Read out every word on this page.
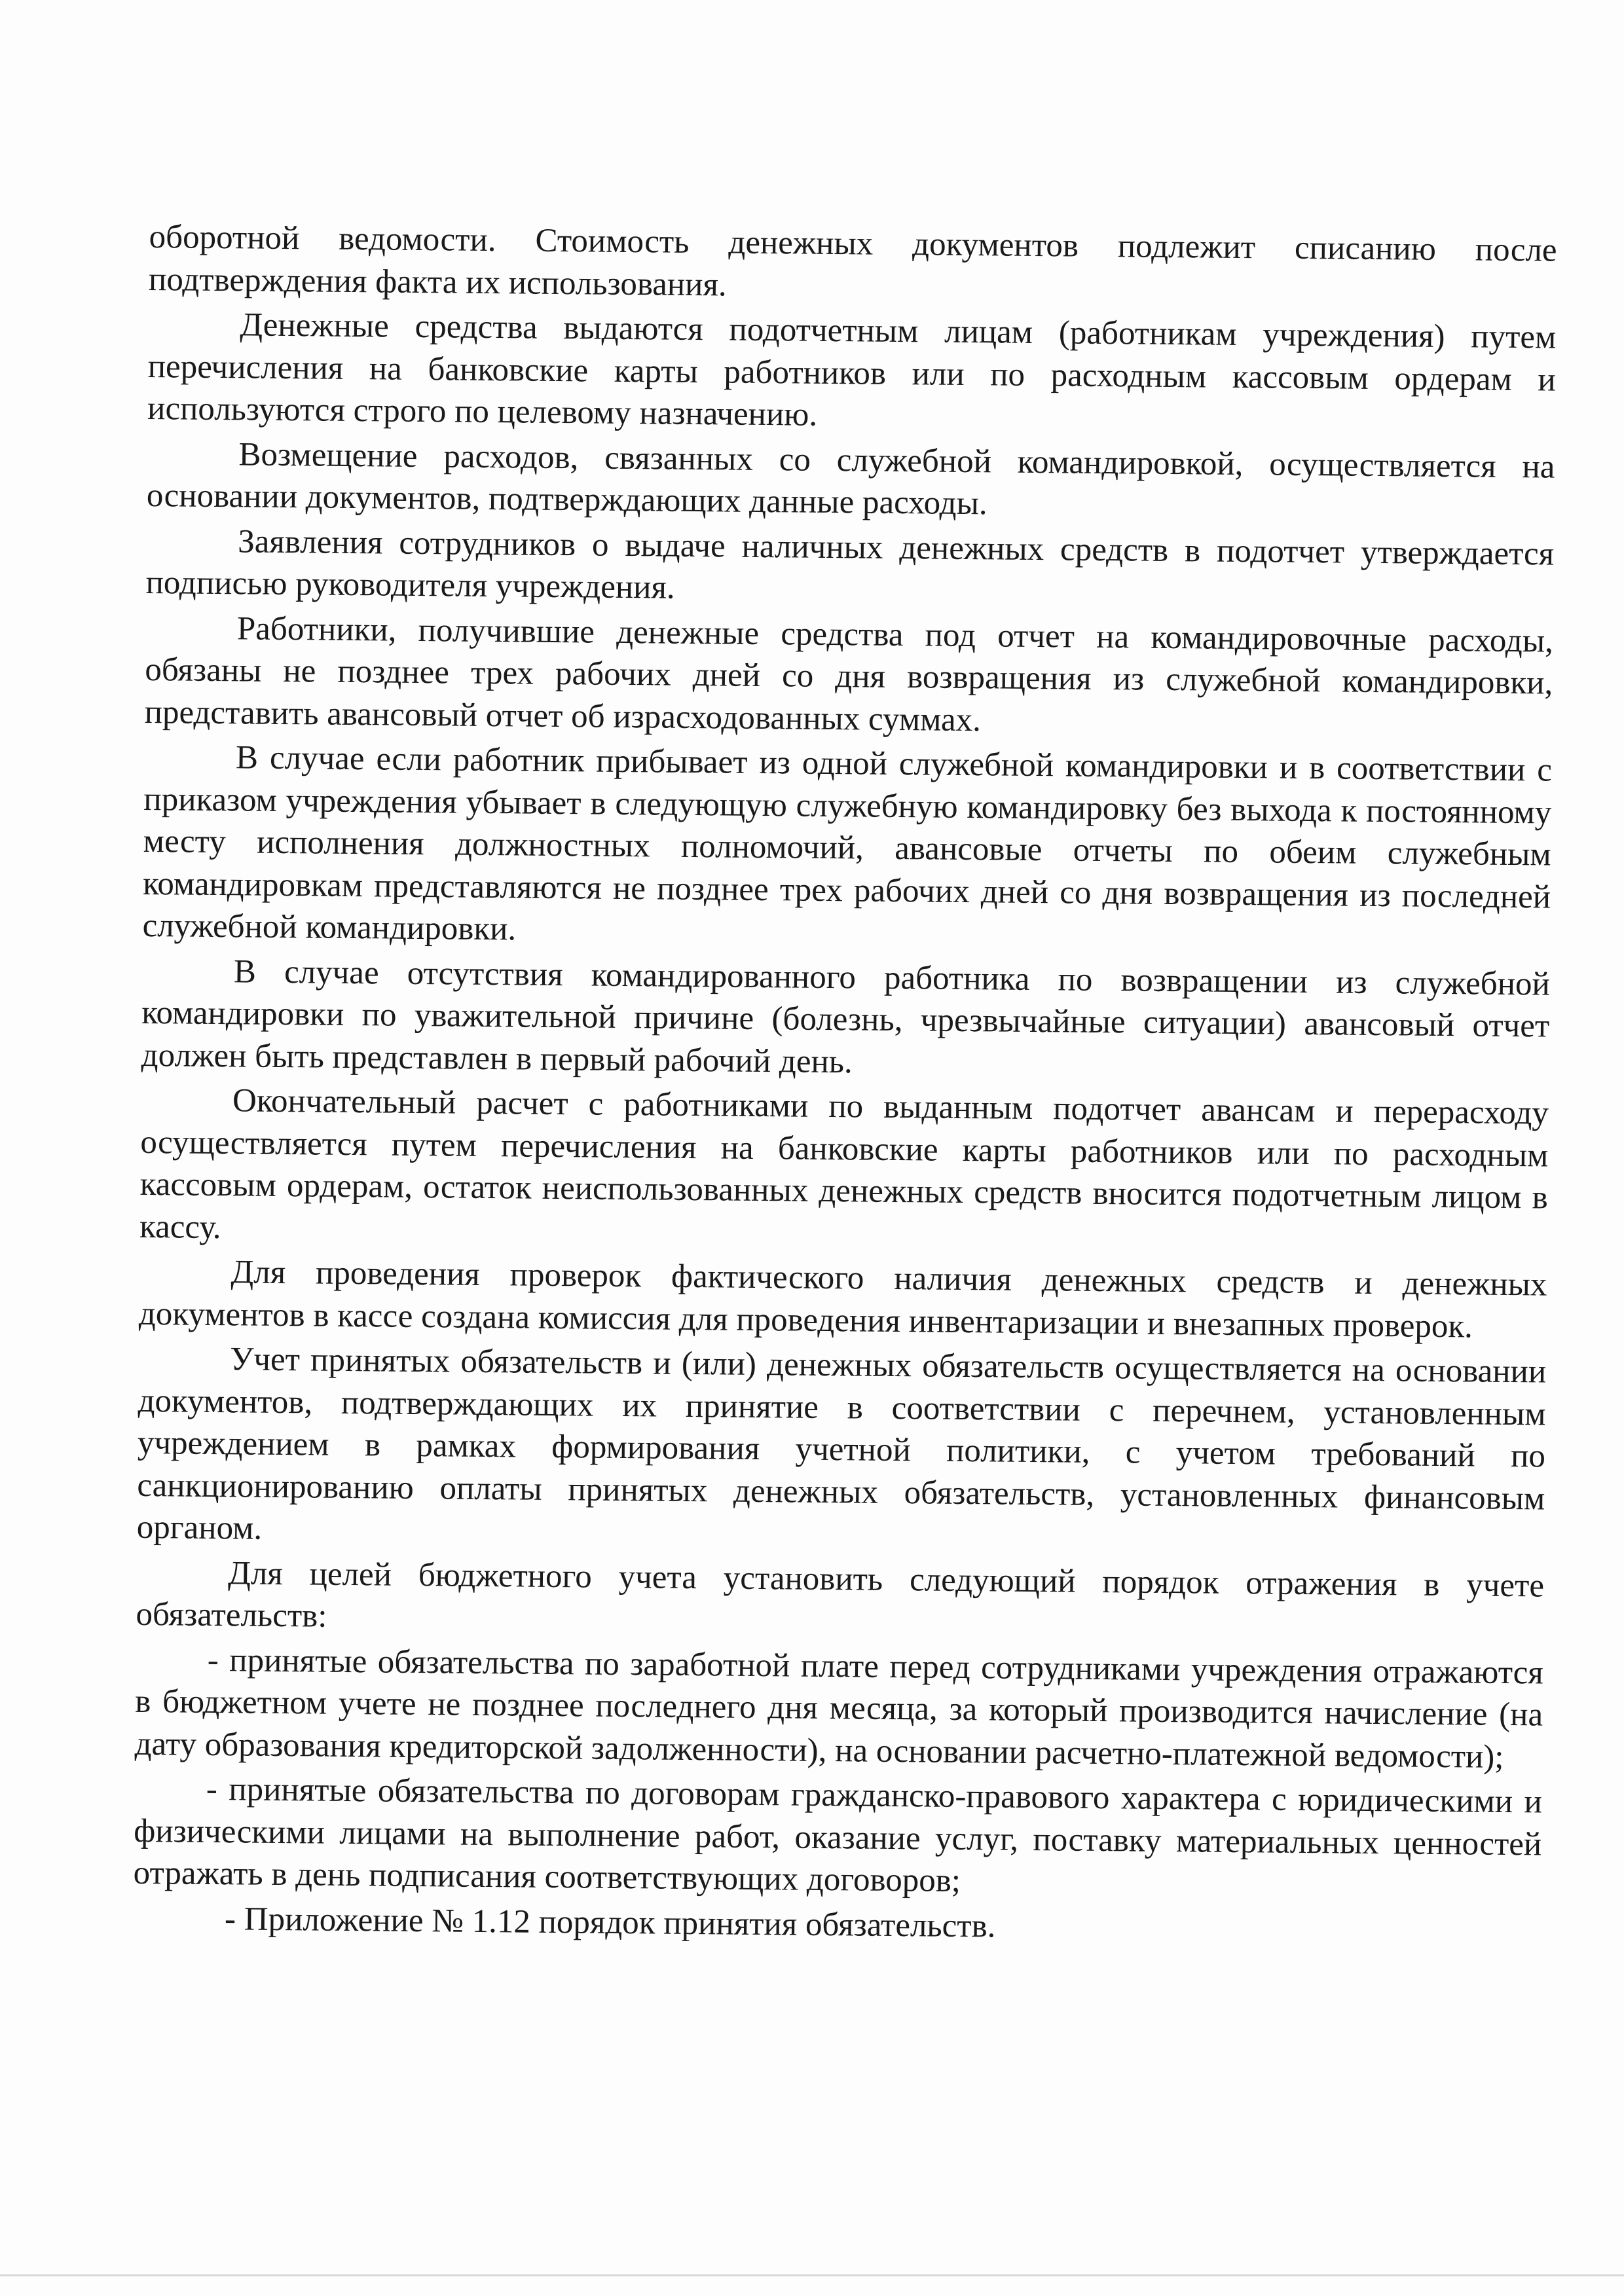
оборотной ведомости. Стоимость денежных документов подлежит списанию после подтверждения факта их использования.

Денежные средства выдаются подотчетным лицам (работникам учреждения) путем перечисления на банковские карты работников или по расходным кассовым ордерам и используются строго по целевому назначению.

Возмещение расходов, связанных со служебной командировкой, осуществляется на основании документов, подтверждающих данные расходы.

Заявления сотрудников о выдаче наличных денежных средств в подотчет утверждается подписью руководителя учреждения.

Работники, получившие денежные средства под отчет на командировочные расходы, обязаны не позднее трех рабочих дней со дня возвращения из служебной командировки, представить авансовый отчет об израсходованных суммах.

В случае если работник прибывает из одной служебной командировки и в соответствии с приказом учреждения убывает в следующую служебную командировку без выхода к постоянному месту исполнения должностных полномочий, авансовые отчеты по обеим служебным командировкам представляются не позднее трех рабочих дней со дня возвращения из последней служебной командировки.

В случае отсутствия командированного работника по возвращении из служебной командировки по уважительной причине (болезнь, чрезвычайные ситуации) авансовый отчет должен быть представлен в первый рабочий день.

Окончательный расчет с работниками по выданным подотчет авансам и перерасходу осуществляется путем перечисления на банковские карты работников или по расходным кассовым ордерам, остаток неиспользованных денежных средств вносится подотчетным лицом в кассу.

Для проведения проверок фактического наличия денежных средств и денежных документов в кассе создана комиссия для проведения инвентаризации и внезапных проверок.

Учет принятых обязательств и (или) денежных обязательств осуществляется на основании документов, подтверждающих их принятие в соответствии с перечнем, установленным учреждением в рамках формирования учетной политики, с учетом требований по санкционированию оплаты принятых денежных обязательств, установленных финансовым органом.

Для целей бюджетного учета установить следующий порядок отражения в учете обязательств:

- принятые обязательства по заработной плате перед сотрудниками учреждения отражаются в бюджетном учете не позднее последнего дня месяца, за который производится начисление (на дату образования кредиторской задолженности), на основании расчетно-платежной ведомости);

- принятые обязательства по договорам гражданско-правового характера с юридическими и физическими лицами на выполнение работ, оказание услуг, поставку материальных ценностей отражать в день подписания соответствующих договоров;

- Приложение № 1.12 порядок принятия обязательств.
